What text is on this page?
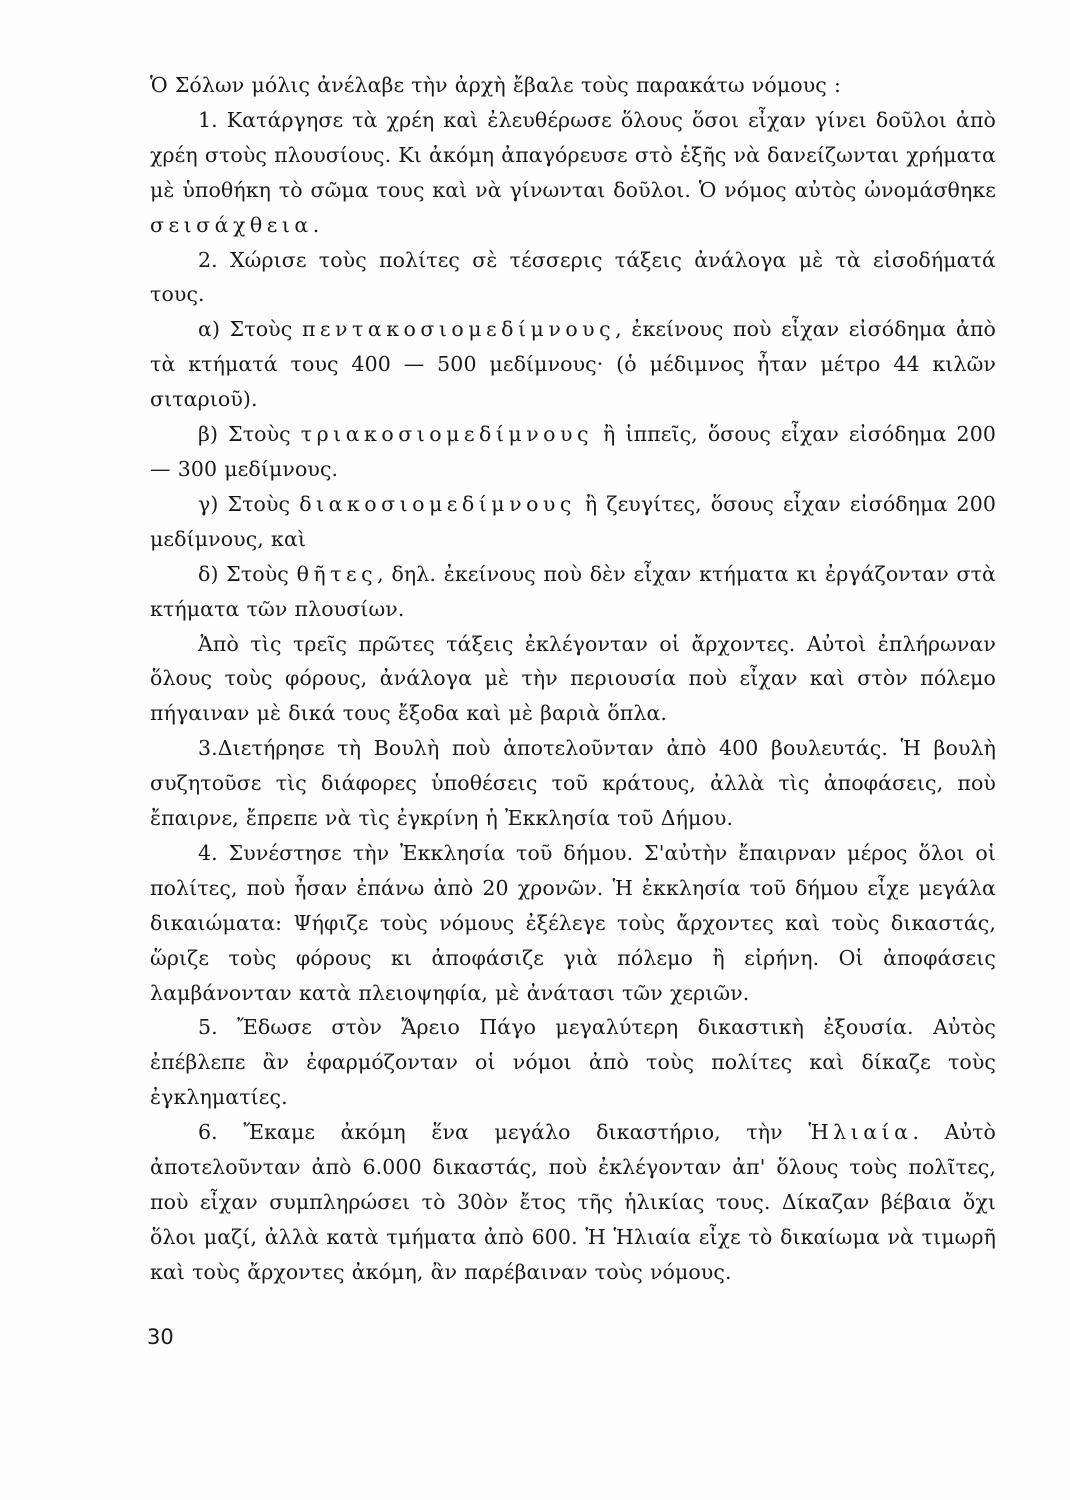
Ὁ Σόλων μόλις ἀνέλαβε τὴν ἀρχὴ ἔβαλε τοὺς παρακάτω νόμους :

1. Κατάργησε τὰ χρέη καὶ ἐλευθέρωσε ὅλους ὅσοι εἶχαν γίνει δοῦλοι ἀπὸ χρέη στοὺς πλουσίους. Κι ἀκόμη ἀπαγόρευσε στὸ ἑξῆς νὰ δανείζωνται χρήματα μὲ ὑποθήκη τὸ σῶμα τους καὶ νὰ γίνωνται δοῦλοι. Ὁ νόμος αὐτὸς ὠνομάσθηκε σεισάχθεια.

2. Χώρισε τοὺς πολίτες σὲ τέσσερις τάξεις ἀνάλογα μὲ τὰ εἰσοδήματά τους.

α) Στοὺς πεντακοσιομεδίμνους, ἐκείνους ποὺ εἶχαν εἰσόδημα ἀπὸ τὰ κτήματά τους 400 — 500 μεδίμνους· (ὁ μέδιμνος ἦταν μέτρο 44 κιλῶν σιταριοῦ).

β) Στοὺς τριακοσιομεδίμνους ἢ ἱππεῖς, ὅσους εἶχαν εἰσόδημα 200 — 300 μεδίμνους.

γ) Στοὺς διακοσιομεδίμνους ἢ ζευγίτες, ὅσους εἶχαν εἰσόδημα 200 μεδίμνους, καὶ

δ) Στοὺς θῆτες, δηλ. ἐκείνους ποὺ δὲν εἶχαν κτήματα κι ἐργάζονταν στὰ κτήματα τῶν πλουσίων.

Ἀπὸ τὶς τρεῖς πρῶτες τάξεις ἐκλέγονταν οἱ ἄρχοντες. Αὐτοὶ ἐπλήρωναν ὅλους τοὺς φόρους, ἀνάλογα μὲ τὴν περιουσία ποὺ εἶχαν καὶ στὸν πόλεμο πήγαιναν μὲ δικά τους ἔξοδα καὶ μὲ βαριὰ ὅπλα.

3.Διετήρησε τὴ Βουλὴ ποὺ ἀποτελοῦνταν ἀπὸ 400 βουλευτάς. Ἡ βουλὴ συζητοῦσε τὶς διάφορες ὑποθέσεις τοῦ κράτους, ἀλλὰ τὶς ἀποφάσεις, ποὺ ἔπαιρνε, ἔπρεπε νὰ τὶς ἐγκρίνη ἡ Ἐκκλησία τοῦ Δήμου.

4. Συνέστησε τὴν Ἐκκλησία τοῦ δήμου. Σ'αὐτὴν ἔπαιρναν μέρος ὅλοι οἱ πολίτες, ποὺ ἦσαν ἐπάνω ἀπὸ 20 χρονῶν. Ἡ ἐκκλησία τοῦ δήμου εἶχε μεγάλα δικαιώματα: Ψήφιζε τοὺς νόμους ἐξέλεγε τοὺς ἄρχοντες καὶ τοὺς δικαστάς, ὥριζε τοὺς φόρους κι ἀποφάσιζε γιὰ πόλεμο ἢ εἰρήνη. Οἱ ἀποφάσεις λαμβάνονταν κατὰ πλειοψηφία, μὲ ἀνάτασι τῶν χεριῶν.

5. Ἔδωσε στὸν Ἄρειο Πάγο μεγαλύτερη δικαστικὴ ἐξουσία. Αὐτὸς ἐπέβλεπε ἂν ἐφαρμόζονταν οἱ νόμοι ἀπὸ τοὺς πολίτες καὶ δίκαζε τοὺς ἐγκληματίες.

6. Ἔκαμε ἀκόμη ἕνα μεγάλο δικαστήριο, τὴν Ἡλιαία. Αὐτὸ ἀποτελοῦνταν ἀπὸ 6.000 δικαστάς, ποὺ ἐκλέγονταν ἀπ' ὅλους τοὺς πολῖτες, ποὺ εἶχαν συμπληρώσει τὸ 30ὸν ἔτος τῆς ἡλικίας τους. Δίκαζαν βέβαια ὄχι ὅλοι μαζί, ἀλλὰ κατὰ τμήματα ἀπὸ 600. Ἡ Ἡλιαία εἶχε τὸ δικαίωμα νὰ τιμωρῆ καὶ τοὺς ἄρχοντες ἀκόμη, ἂν παρέβαιναν τοὺς νόμους.

30
